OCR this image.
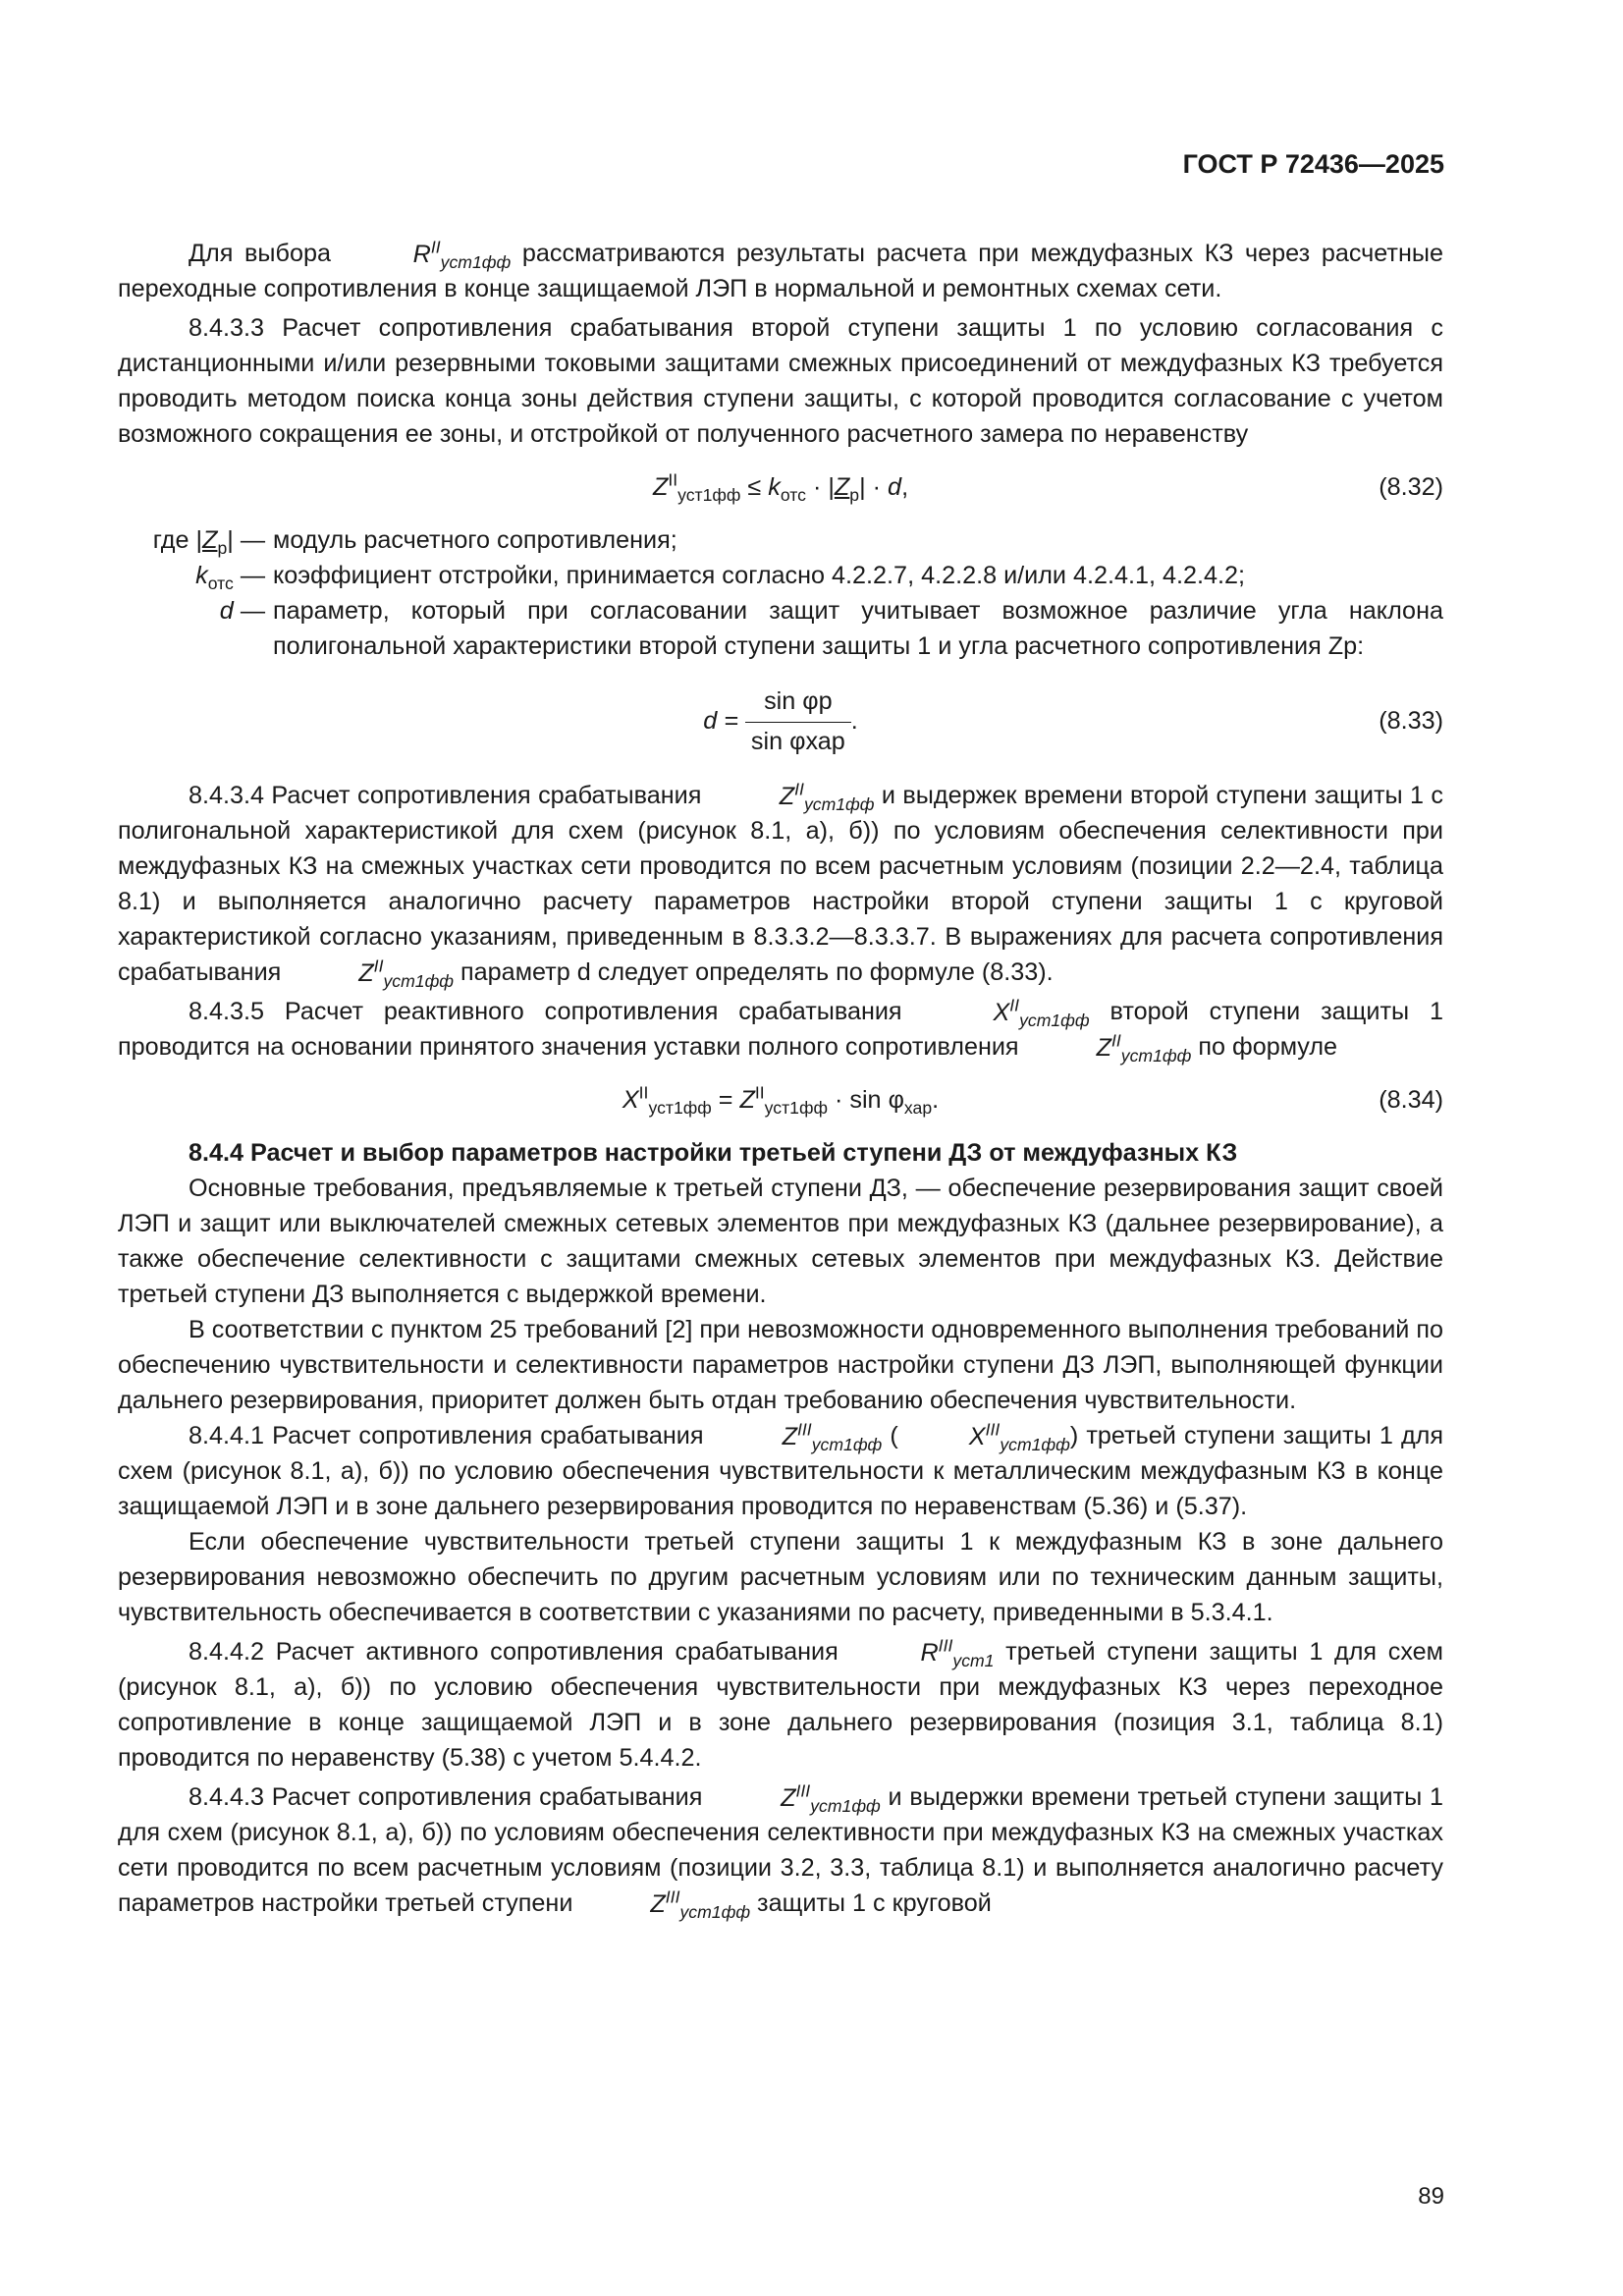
ГОСТ Р 72436—2025

Для выбора	$R^{II}_{уст1фф}$ рассматриваются результаты расчета при междуфазных КЗ через расчетные переходные сопротивления в конце защищаемой ЛЭП в нормальной и ремонтных схемах сети.

8.4.3.3 Расчет сопротивления срабатывания второй ступени защиты 1 по условию согласования с дистанционными и/или резервными токовыми защитами смежных присоединений от междуфазных КЗ требуется проводить методом поиска конца зоны действия ступени защиты, с которой проводится согласование с учетом возможного сокращения ее зоны, и отстройкой от полученного расчетного замера по неравенству

$Z^{II}_{уст1фф} \le k_{отс} \cdot |Z_р| \cdot d$,	(8.32)
где $|Z_р|$ — модуль расчетного сопротивления;
$k_{отс}$ — коэффициент отстройки, принимается согласно 4.2.2.7, 4.2.2.8 и/или 4.2.4.1, 4.2.4.2;
d — параметр, который при согласовании защит учитывает возможное различие угла наклона полигональной характеристики второй ступени защиты 1 и угла расчетного сопротивления Zр:
$d = \frac{\text{sin φр}}{\text{sin φхар}}$ .	(8.33)

8.4.3.4 Расчет сопротивления срабатывания	$Z^{II}_{уст1фф}$ и выдержек времени второй ступени защиты 1 с полигональной характеристикой для схем (рисунок 8.1, а), б)) по условиям обеспечения селективности при междуфазных КЗ на смежных участках сети проводится по всем расчетным условиям (позиции 2.2—2.4, таблица 8.1) и выполняется аналогично расчету параметров настройки второй ступени защиты 1 с круговой характеристикой согласно указаниям, приведенным в 8.3.3.2—8.3.3.7. В выражениях для расчета сопротивления срабатывания	$Z^{II}_{уст1фф}$ параметр d следует определять по формуле (8.33).

8.4.3.5 Расчет реактивного сопротивления срабатывания	$X^{II}_{уст1фф}$ второй ступени защиты 1 проводится на основании принятого значения уставки полного сопротивления	$Z^{II}_{уст1фф}$ по формуле

$X^{II}_{уст1фф} = Z^{II}_{уст1фф} \cdot \sin \varphi_{хар}$.	(8.34)

8.4.4 Расчет и выбор параметров настройки третьей ступени ДЗ от междуфазных КЗ

Основные требования, предъявляемые к третьей ступени ДЗ, — обеспечение резервирования защит своей ЛЭП и защит или выключателей смежных сетевых элементов при междуфазных КЗ (дальнее резервирование), а также обеспечение селективности с защитами смежных сетевых элементов при междуфазных КЗ. Действие третьей ступени ДЗ выполняется с выдержкой времени.

В соответствии с пунктом 25 требований [2] при невозможности одновременного выполнения требований по обеспечению чувствительности и селективности параметров настройки ступени ДЗ ЛЭП, выполняющей функции дальнего резервирования, приоритет должен быть отдан требованию обеспечения чувствительности.

8.4.4.1 Расчет сопротивления срабатывания	$Z^{III}_{уст1фф}$ (	$X^{III}_{уст1фф}$) третьей ступени защиты 1 для схем (рисунок 8.1, а), б)) по условию обеспечения чувствительности к металлическим междуфазным КЗ в конце защищаемой ЛЭП и в зоне дальнего резервирования проводится по неравенствам (5.36) и (5.37).

Если обеспечение чувствительности третьей ступени защиты 1 к междуфазным КЗ в зоне дальнего резервирования невозможно обеспечить по другим расчетным условиям или по техническим данным защиты, чувствительность обеспечивается в соответствии с указаниями по расчету, приведенными в 5.3.4.1.

8.4.4.2 Расчет активного сопротивления срабатывания	$R^{III}_{уст1}$ третьей ступени защиты 1 для схем (рисунок 8.1, а), б)) по условию обеспечения чувствительности при междуфазных КЗ через переходное сопротивление в конце защищаемой ЛЭП и в зоне дальнего резервирования (позиция 3.1, таблица 8.1) проводится по неравенству (5.38) с учетом 5.4.4.2.

8.4.4.3 Расчет сопротивления срабатывания	$Z^{III}_{уст1фф}$ и выдержки времени третьей ступени защиты 1 для схем (рисунок 8.1, а), б)) по условиям обеспечения селективности при междуфазных КЗ на смежных участках сети проводится по всем расчетным условиям (позиции 3.2, 3.3, таблица 8.1) и выполняется аналогично расчету параметров настройки третьей ступени	$Z^{III}_{уст1фф}$ защиты 1 с круговой

89
